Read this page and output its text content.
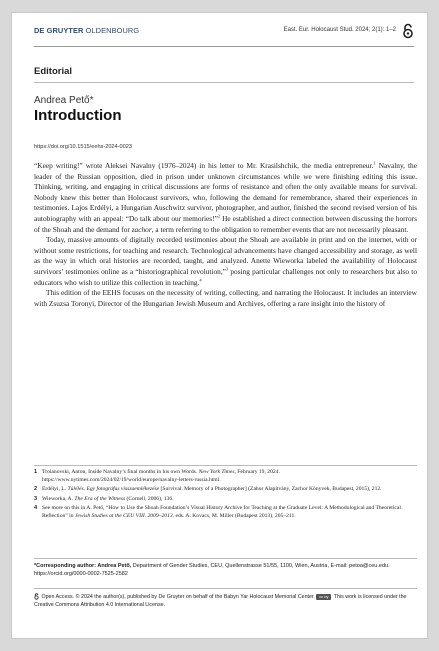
DE GRUYTER OLDENBOURG	East. Eur. Holocaust Stud. 2024; 2(1): 1–2
Editorial
Andrea Pető*
Introduction
https://doi.org/10.1515/eehs-2024-0023

“Keep writing!” wrote Aleksei Navalny (1976–2024) in his letter to Mr. Krasilshchik, the media entrepreneur.$^1$ Navalny, the leader of the Russian opposition, died in prison under unknown circumstances while we were finishing editing this issue. Thinking, writing, and engaging in critical discussions are forms of resistance and often the only available means for survival. Nobody knew this better than Holocaust survivors, who, following the demand for remembrance, shared their experiences in testimonies. Lajos Erdélyi, a Hungarian Auschwitz survivor, photographer, and author, finished the second revised version of his autobiography with an appeal: “Do talk about our memories!”$^2$ He established a direct connection between discussing the horrors of the Shoah and the demand for zachor, a term referring to the obligation to remember events that are not necessarily pleasant.

Today, massive amounts of digitally recorded testimonies about the Shoah are available in print and on the internet, with or without some restrictions, for teaching and research. Technological advancements have changed accessibility and storage, as well as the way in which oral histories are recorded, taught, and analyzed. Anette Wieworka labeled the availability of Holocaust survivors’ testimonies online as a “historiographical revolution,”$^3$ posing particular challenges not only to researchers but also to educators who wish to utilize this collection in teaching.$^4$

This edition of the EEHS focuses on the necessity of writing, collecting, and narrating the Holocaust. It includes an interview with Zsuzsa Toronyi, Director of the Hungarian Jewish Museum and Archives, offering a rare insight into the history of

1 Troianovski, Anton, Inside Navalny’s final months in his own Words. New York Times, February 19, 2024. https://www.nytimes.com/2024/02/19/world/europe/navalny-letters-russia.html.
2 Erdélyi, L. Túlélés. Egy fotográfus visszaemlékezése [Survival. Memory of a Photographer] (Zahor Alapítvány, Zachor Könyvek, Budapest, 2015), 212.
3 Wieworka, A. The Era of the Witness (Cornell, 2006), 136.
4 See more on this in A. Pető, “How to Use the Shoah Foundation’s Visual History Archive for Teaching at the Graduate Level: A Methodological and Theoretical Reflection” in Jewish Studies at the CEU VIII. 2009–2013. eds. A. Kovacs, M. Miller (Budapest 2013), 205–211.
*Corresponding author: Andrea Pető, Department of Gender Studies, CEU, Quellenstrasse 51/55, 1100, Wien, Austria, E-mail: petoa@ceu.edu. https://orcid.org/0000-0002-7525-2582
Open Access. © 2024 the author(s), published by De Gruyter on behalf of the Babyn Yar Holocaust Memorial Center. cc by	This work is licensed under the Creative Commons Attribution 4.0 International License.
